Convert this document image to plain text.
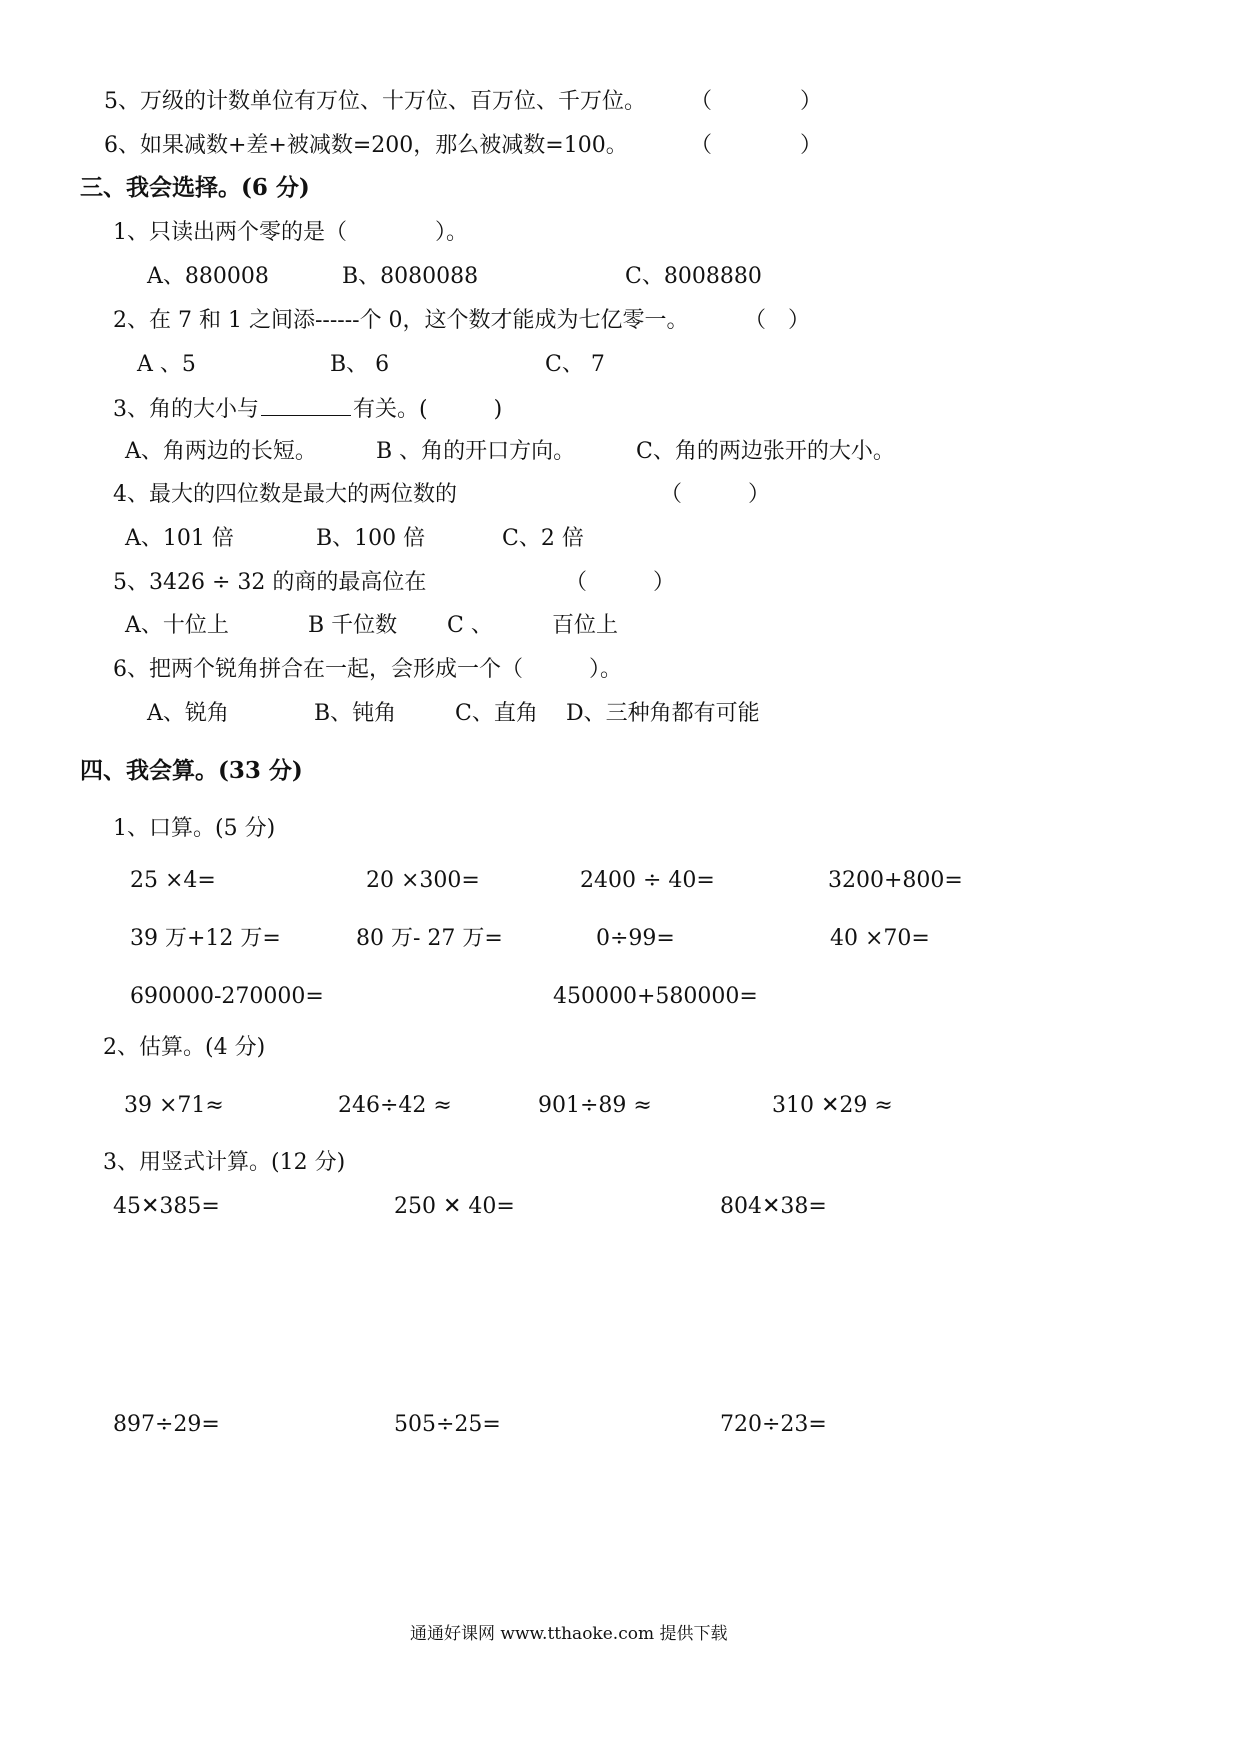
5、万级的计数单位有万位、十万位、百万位、千万位。 （　　　　）
6、如果减数+差+被减数=200，那么被减数=100。	（　　　　）
三、我会选择。(6 分)
1、只读出两个零的是（　　　　）。
A、880008	B、8080088	C、8008880
2、在 7 和 1 之间添------个 0，这个数才能成为七亿零一。	（　）
A 、5	B、 6	C、 7
3、角的大小与	有关。(　　　)
A、角两边的长短。	B 、角的开口方向。	C、角的两边张开的大小。
4、最大的四位数是最大的两位数的	（　　　）
A、101 倍	B、100 倍	C、2 倍
5、3426 ÷ 32 的商的最高位在	（　　　）
A、十位上	B 千位数 C 、	百位上
6、把两个锐角拼合在一起，会形成一个（　　　）。
A、锐角	B、钝角	C、直角 D、三种角都有可能
四、我会算。(33 分)
1、口算。(5 分)
25 ×4=	20 ×300=	2400 ÷ 40=	3200+800=
39 万+12 万=	80 万- 27 万=	0÷99=	40 ×70=
690000-270000=	450000+580000=
2、估算。(4 分)
39 ×71≈	246÷42 ≈	901÷89 ≈	310 ✕29 ≈
3、用竖式计算。(12 分)
45✕385=	250 ✕ 40=	804✕38=
897÷29=	505÷25=	720÷23=
通通好课网 www.tthaoke.com 提供下载
